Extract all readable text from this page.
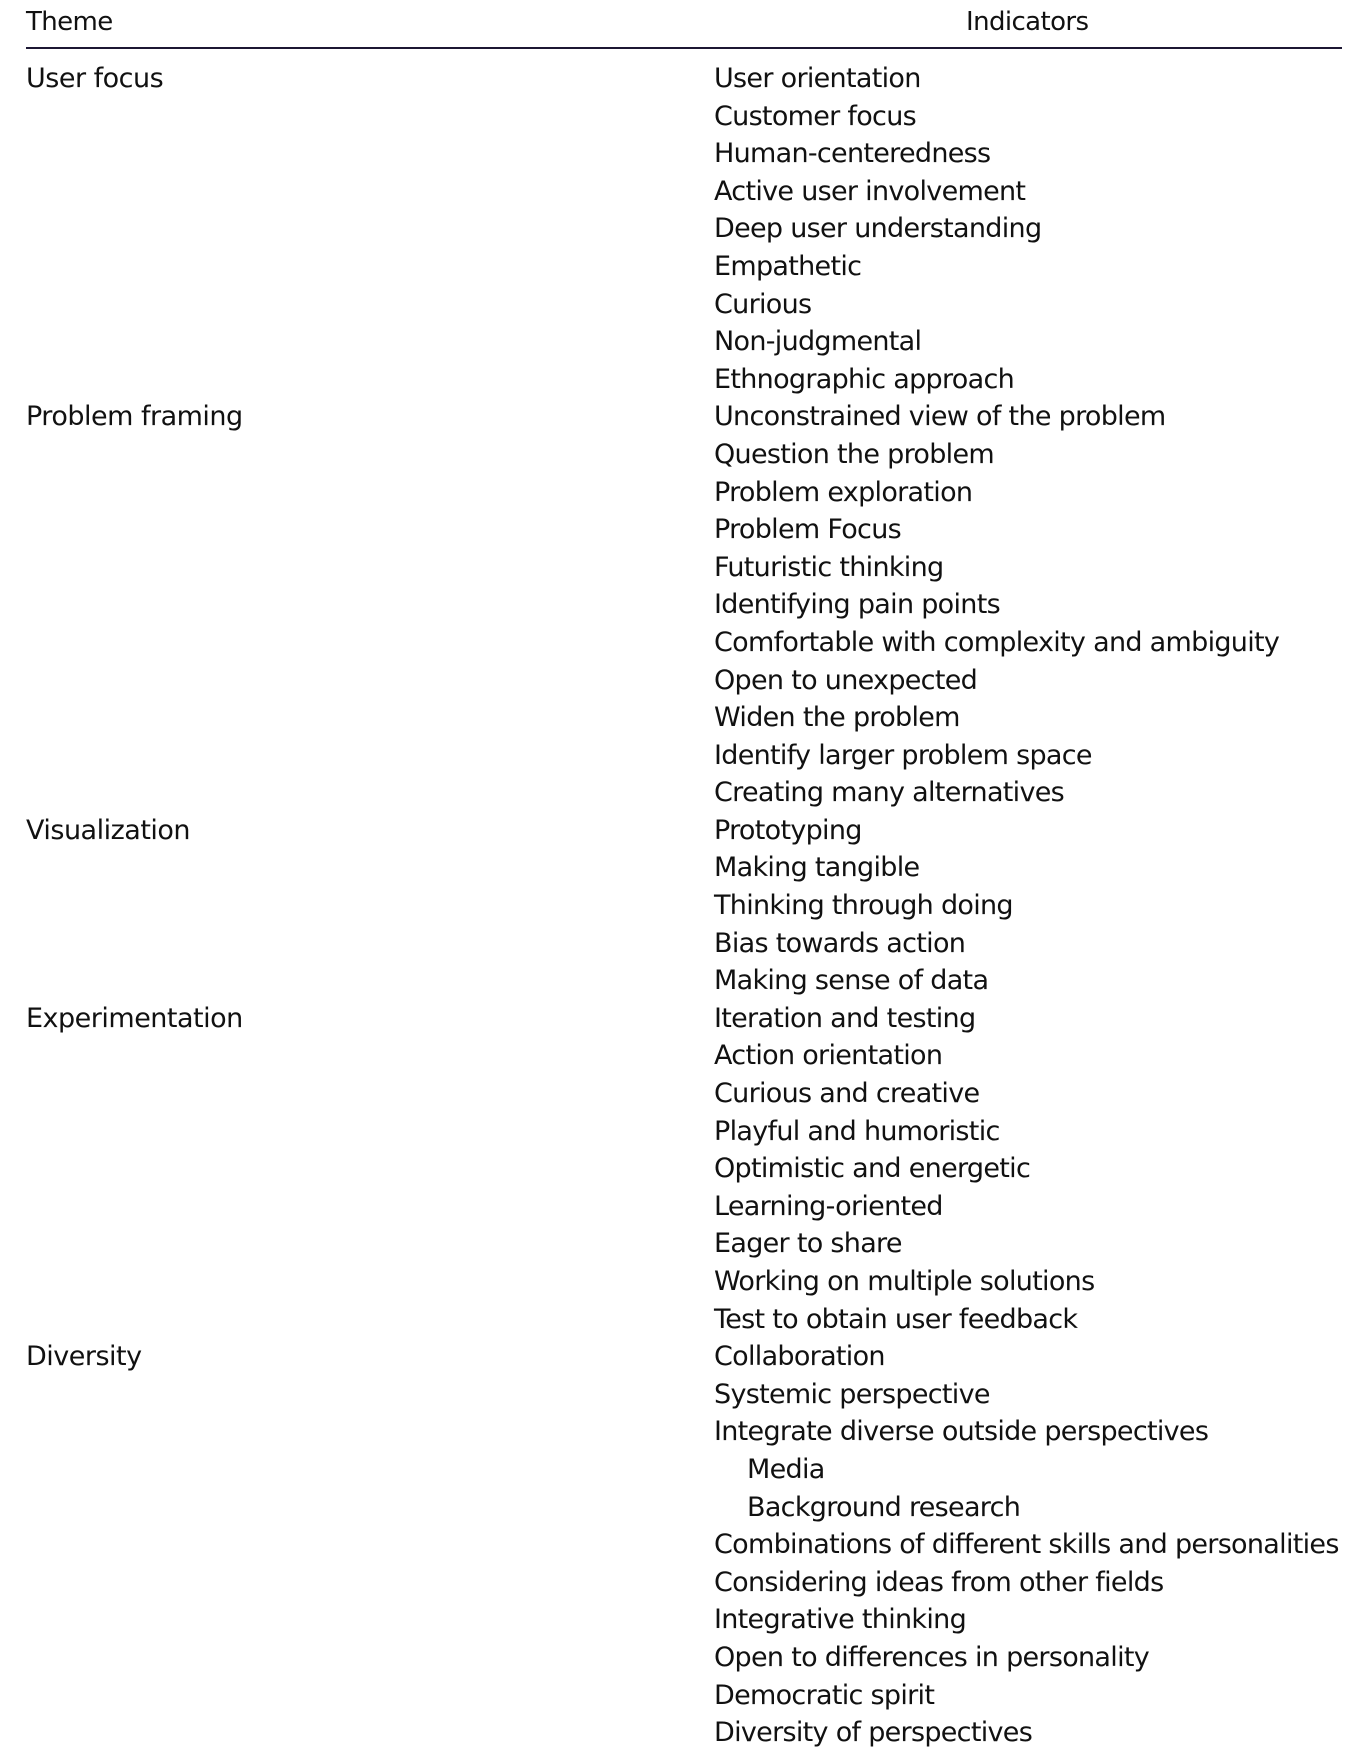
Theme	Indicators
User focus	User orientation
Customer focus
Human-centeredness
Active user involvement
Deep user understanding
Empathetic
Curious
Non-judgmental
Ethnographic approach
Problem framing	Unconstrained view of the problem
Question the problem
Problem exploration
Problem Focus
Futuristic thinking
Identifying pain points
Comfortable with complexity and ambiguity
Open to unexpected
Widen the problem
Identify larger problem space
Creating many alternatives
Visualization	Prototyping
Making tangible
Thinking through doing
Bias towards action
Making sense of data
Experimentation	Iteration and testing
Action orientation
Curious and creative
Playful and humoristic
Optimistic and energetic
Learning-oriented
Eager to share
Working on multiple solutions
Test to obtain user feedback
Diversity	Collaboration
Systemic perspective
Integrate diverse outside perspectives
Media
Background research
Combinations of different skills and personalities
Considering ideas from other fields
Integrative thinking
Open to differences in personality
Democratic spirit
Diversity of perspectives
